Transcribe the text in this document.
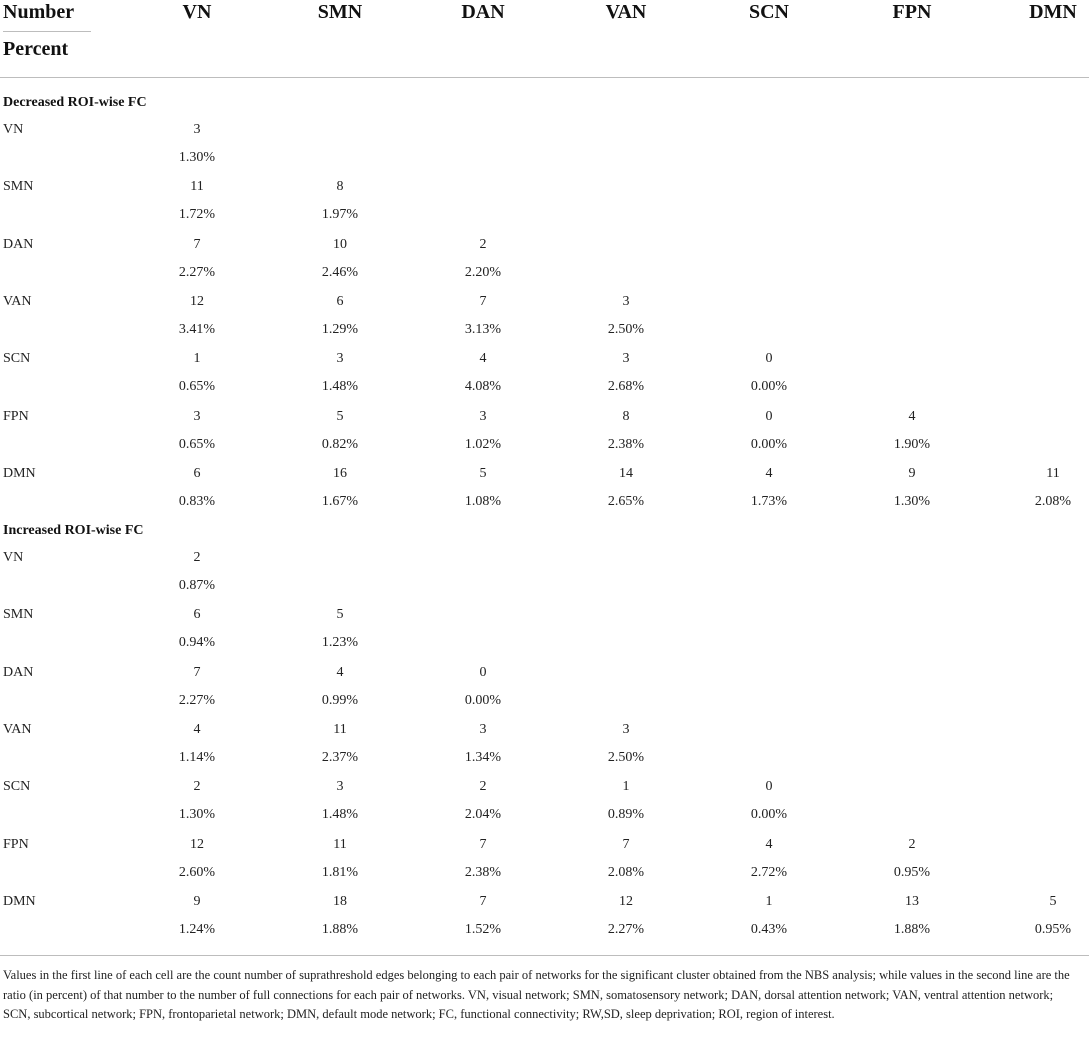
Number
Percent
VN	SMN	DAN	VAN	SCN	FPN	DMN
Decreased ROI-wise FC
VN	3
1.30%
SMN	11	8
1.72%	1.97%
DAN	7	10	2
2.27%	2.46%	2.20%
VAN	12	6	7	3
3.41%	1.29%	3.13%	2.50%
SCN	1	3	4	3	0
0.65%	1.48%	4.08%	2.68%	0.00%
FPN	3	5	3	8	0	4
0.65%	0.82%	1.02%	2.38%	0.00%	1.90%
DMN	6	16	5	14	4	9	11
0.83%	1.67%	1.08%	2.65%	1.73%	1.30%	2.08%
Increased ROI-wise FC
VN	2
0.87%
SMN	6	5
0.94%	1.23%
DAN	7	4	0
2.27%	0.99%	0.00%
VAN	4	11	3	3
1.14%	2.37%	1.34%	2.50%
SCN	2	3	2	1	0
1.30%	1.48%	2.04%	0.89%	0.00%
FPN	12	11	7	7	4	2
2.60%	1.81%	2.38%	2.08%	2.72%	0.95%
DMN	9	18	7	12	1	13	5
1.24%	1.88%	1.52%	2.27%	0.43%	1.88%	0.95%
Values in the first line of each cell are the count number of suprathreshold edges belonging to each pair of networks for the significant cluster obtained from the NBS analysis; while values in the second line are the ratio (in percent) of that number to the number of full connections for each pair of networks. VN, visual network; SMN, somatosensory network; DAN, dorsal attention network; VAN, ventral attention network; SCN, subcortical network; FPN, frontoparietal network; DMN, default mode network; FC, functional connectivity; RW,SD, sleep deprivation; ROI, region of interest.
